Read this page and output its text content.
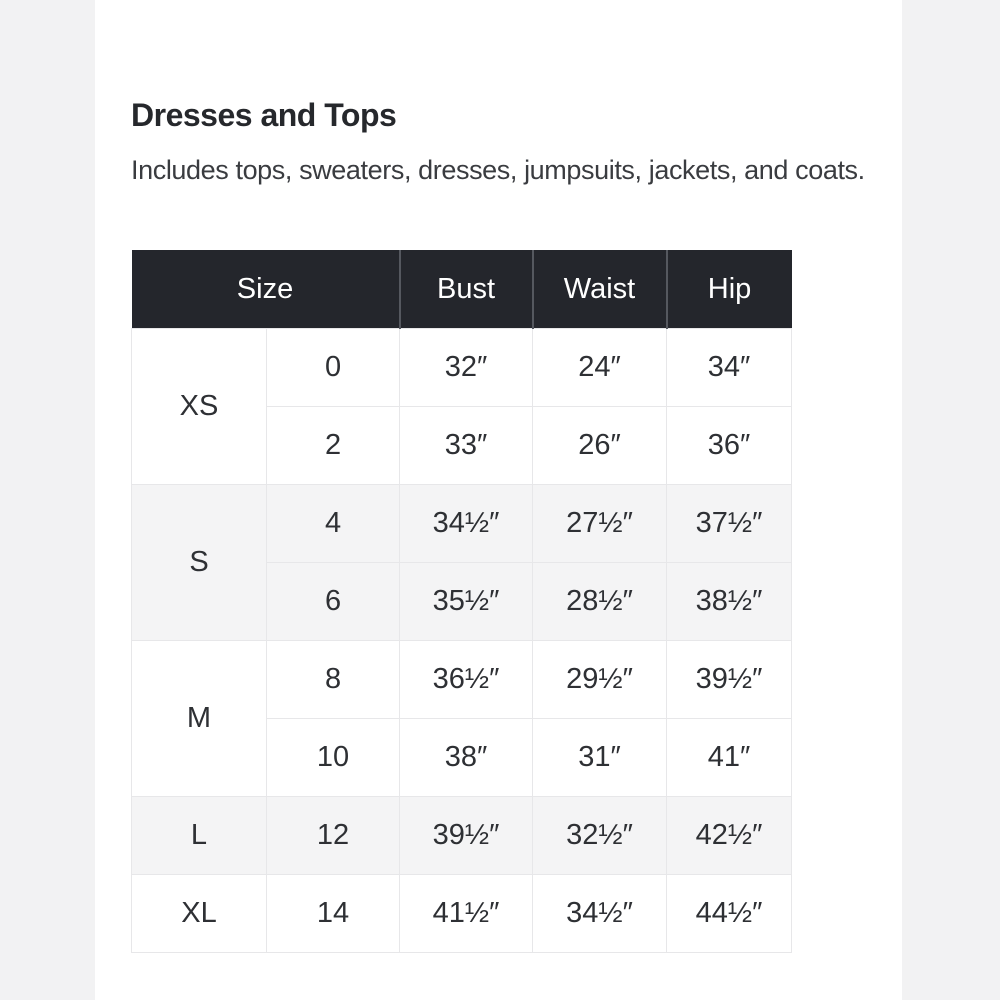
Dresses and Tops

Includes tops, sweaters, dresses, jumpsuits, jackets, and coats.

Size		Bust	Waist	Hip
XS	0	32″	24″	34″
	2	33″	26″	36″
S	4	34½″	27½″	37½″
	6	35½″	28½″	38½″
M	8	36½″	29½″	39½″
	10	38″	31″	41″
L	12	39½″	32½″	42½″
XL	14	41½″	34½″	44½″
